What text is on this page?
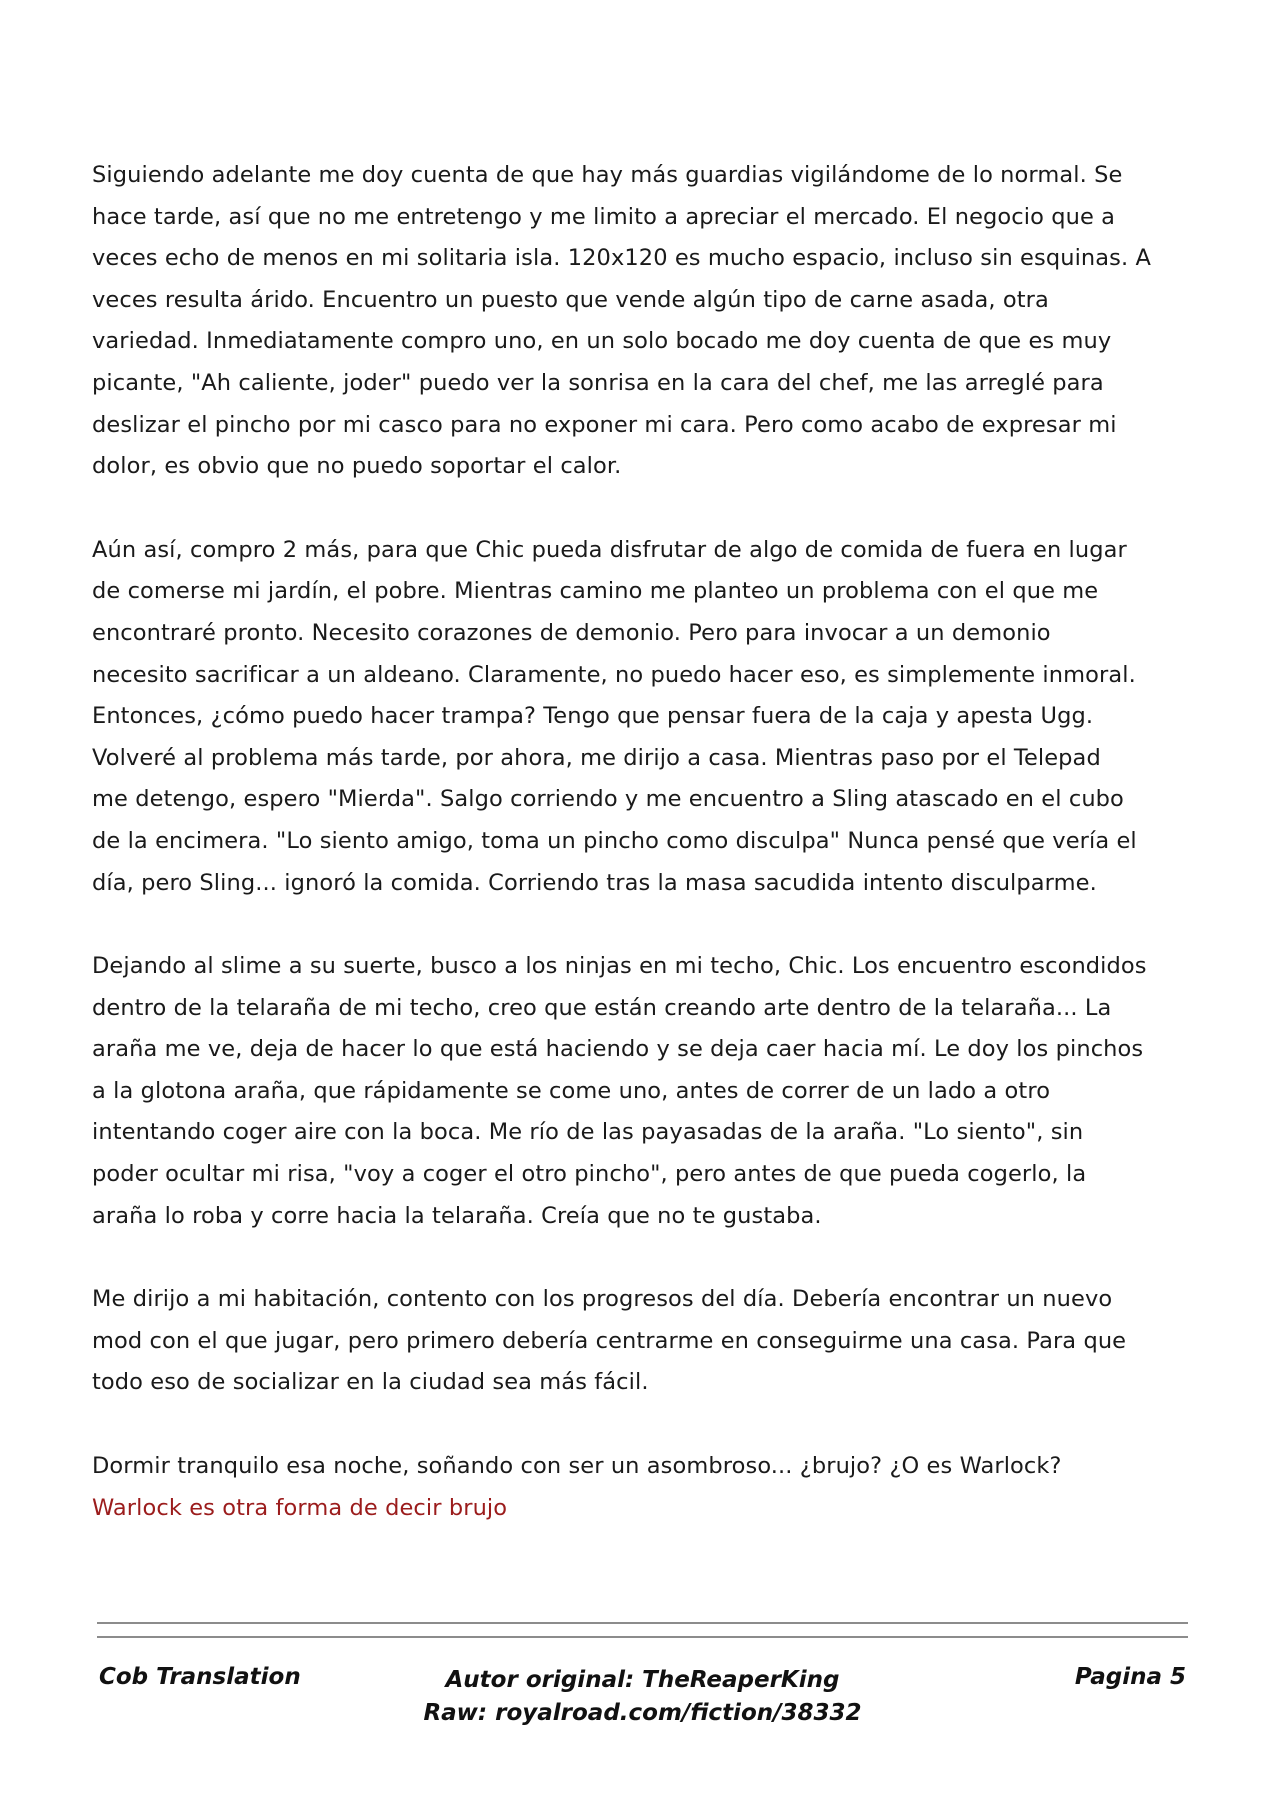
Siguiendo adelante me doy cuenta de que hay más guardias vigilándome de lo normal. Se
hace tarde, así que no me entretengo y me limito a apreciar el mercado. El negocio que a
veces echo de menos en mi solitaria isla. 120x120 es mucho espacio, incluso sin esquinas. A
veces resulta árido. Encuentro un puesto que vende algún tipo de carne asada, otra
variedad. Inmediatamente compro uno, en un solo bocado me doy cuenta de que es muy
picante, "Ah caliente, joder" puedo ver la sonrisa en la cara del chef, me las arreglé para
deslizar el pincho por mi casco para no exponer mi cara. Pero como acabo de expresar mi
dolor, es obvio que no puedo soportar el calor.

Aún así, compro 2 más, para que Chic pueda disfrutar de algo de comida de fuera en lugar
de comerse mi jardín, el pobre. Mientras camino me planteo un problema con el que me
encontraré pronto. Necesito corazones de demonio. Pero para invocar a un demonio
necesito sacrificar a un aldeano. Claramente, no puedo hacer eso, es simplemente inmoral.
Entonces, ¿cómo puedo hacer trampa? Tengo que pensar fuera de la caja y apesta Ugg.
Volveré al problema más tarde, por ahora, me dirijo a casa. Mientras paso por el Telepad
me detengo, espero "Mierda". Salgo corriendo y me encuentro a Sling atascado en el cubo
de la encimera. "Lo siento amigo, toma un pincho como disculpa" Nunca pensé que vería el
día, pero Sling... ignoró la comida. Corriendo tras la masa sacudida intento disculparme.

Dejando al slime a su suerte, busco a los ninjas en mi techo, Chic. Los encuentro escondidos
dentro de la telaraña de mi techo, creo que están creando arte dentro de la telaraña... La
araña me ve, deja de hacer lo que está haciendo y se deja caer hacia mí. Le doy los pinchos
a la glotona araña, que rápidamente se come uno, antes de correr de un lado a otro
intentando coger aire con la boca. Me río de las payasadas de la araña. "Lo siento", sin
poder ocultar mi risa, "voy a coger el otro pincho", pero antes de que pueda cogerlo, la
araña lo roba y corre hacia la telaraña. Creía que no te gustaba.

Me dirijo a mi habitación, contento con los progresos del día. Debería encontrar un nuevo
mod con el que jugar, pero primero debería centrarme en conseguirme una casa. Para que
todo eso de socializar en la ciudad sea más fácil.

Dormir tranquilo esa noche, soñando con ser un asombroso... ¿brujo? ¿O es Warlock?
Warlock es otra forma de decir brujo

Cob Translation	Autor original: TheReaperKing
Raw: royalroad.com/fiction/38332
Pagina 5
